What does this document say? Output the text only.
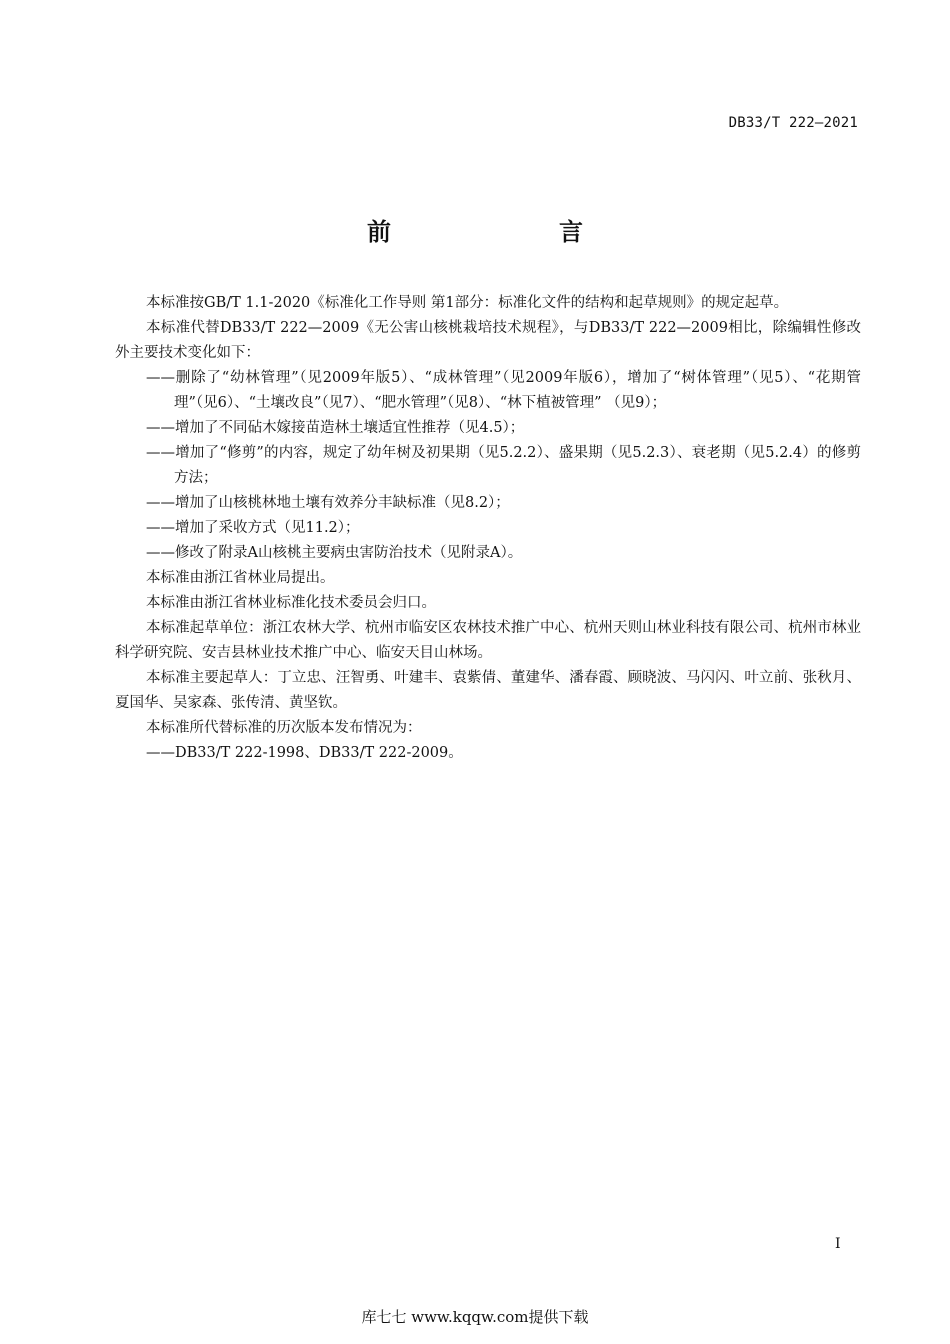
DB33/T 222—2021
前　　言

本标准按GB/T 1.1-2020《标准化工作导则 第1部分：标准化文件的结构和起草规则》的规定起草。

本标准代替DB33/T 222—2009《无公害山核桃栽培技术规程》，与DB33/T 222—2009相比，除编辑性修改外主要技术变化如下：

——删除了“幼林管理”（见2009年版5）、“成林管理”（见2009年版6），增加了“树体管理”（见5）、“花期管理”（见6）、“土壤改良”（见7）、“肥水管理”（见8）、“林下植被管理” （见9）；

——增加了不同砧木嫁接苗造林土壤适宜性推荐（见4.5）；

——增加了“修剪”的内容，规定了幼年树及初果期（见5.2.2）、盛果期（见5.2.3）、衰老期（见5.2.4）的修剪方法；

——增加了山核桃林地土壤有效养分丰缺标准（见8.2）；

——增加了采收方式（见11.2）；

——修改了附录A山核桃主要病虫害防治技术（见附录A）。

本标准由浙江省林业局提出。

本标准由浙江省林业标准化技术委员会归口。

本标准起草单位：浙江农林大学、杭州市临安区农林技术推广中心、杭州天则山林业科技有限公司、杭州市林业科学研究院、安吉县林业技术推广中心、临安天目山林场。

本标准主要起草人：丁立忠、汪智勇、叶建丰、袁紫倩、董建华、潘春霞、顾晓波、马闪闪、叶立前、张秋月、夏国华、吴家森、张传清、黄坚钦。

本标准所代替标准的历次版本发布情况为：

——DB33/T 222-1998、DB33/T 222-2009。

I
库七七 www.kqqw.com提供下载
